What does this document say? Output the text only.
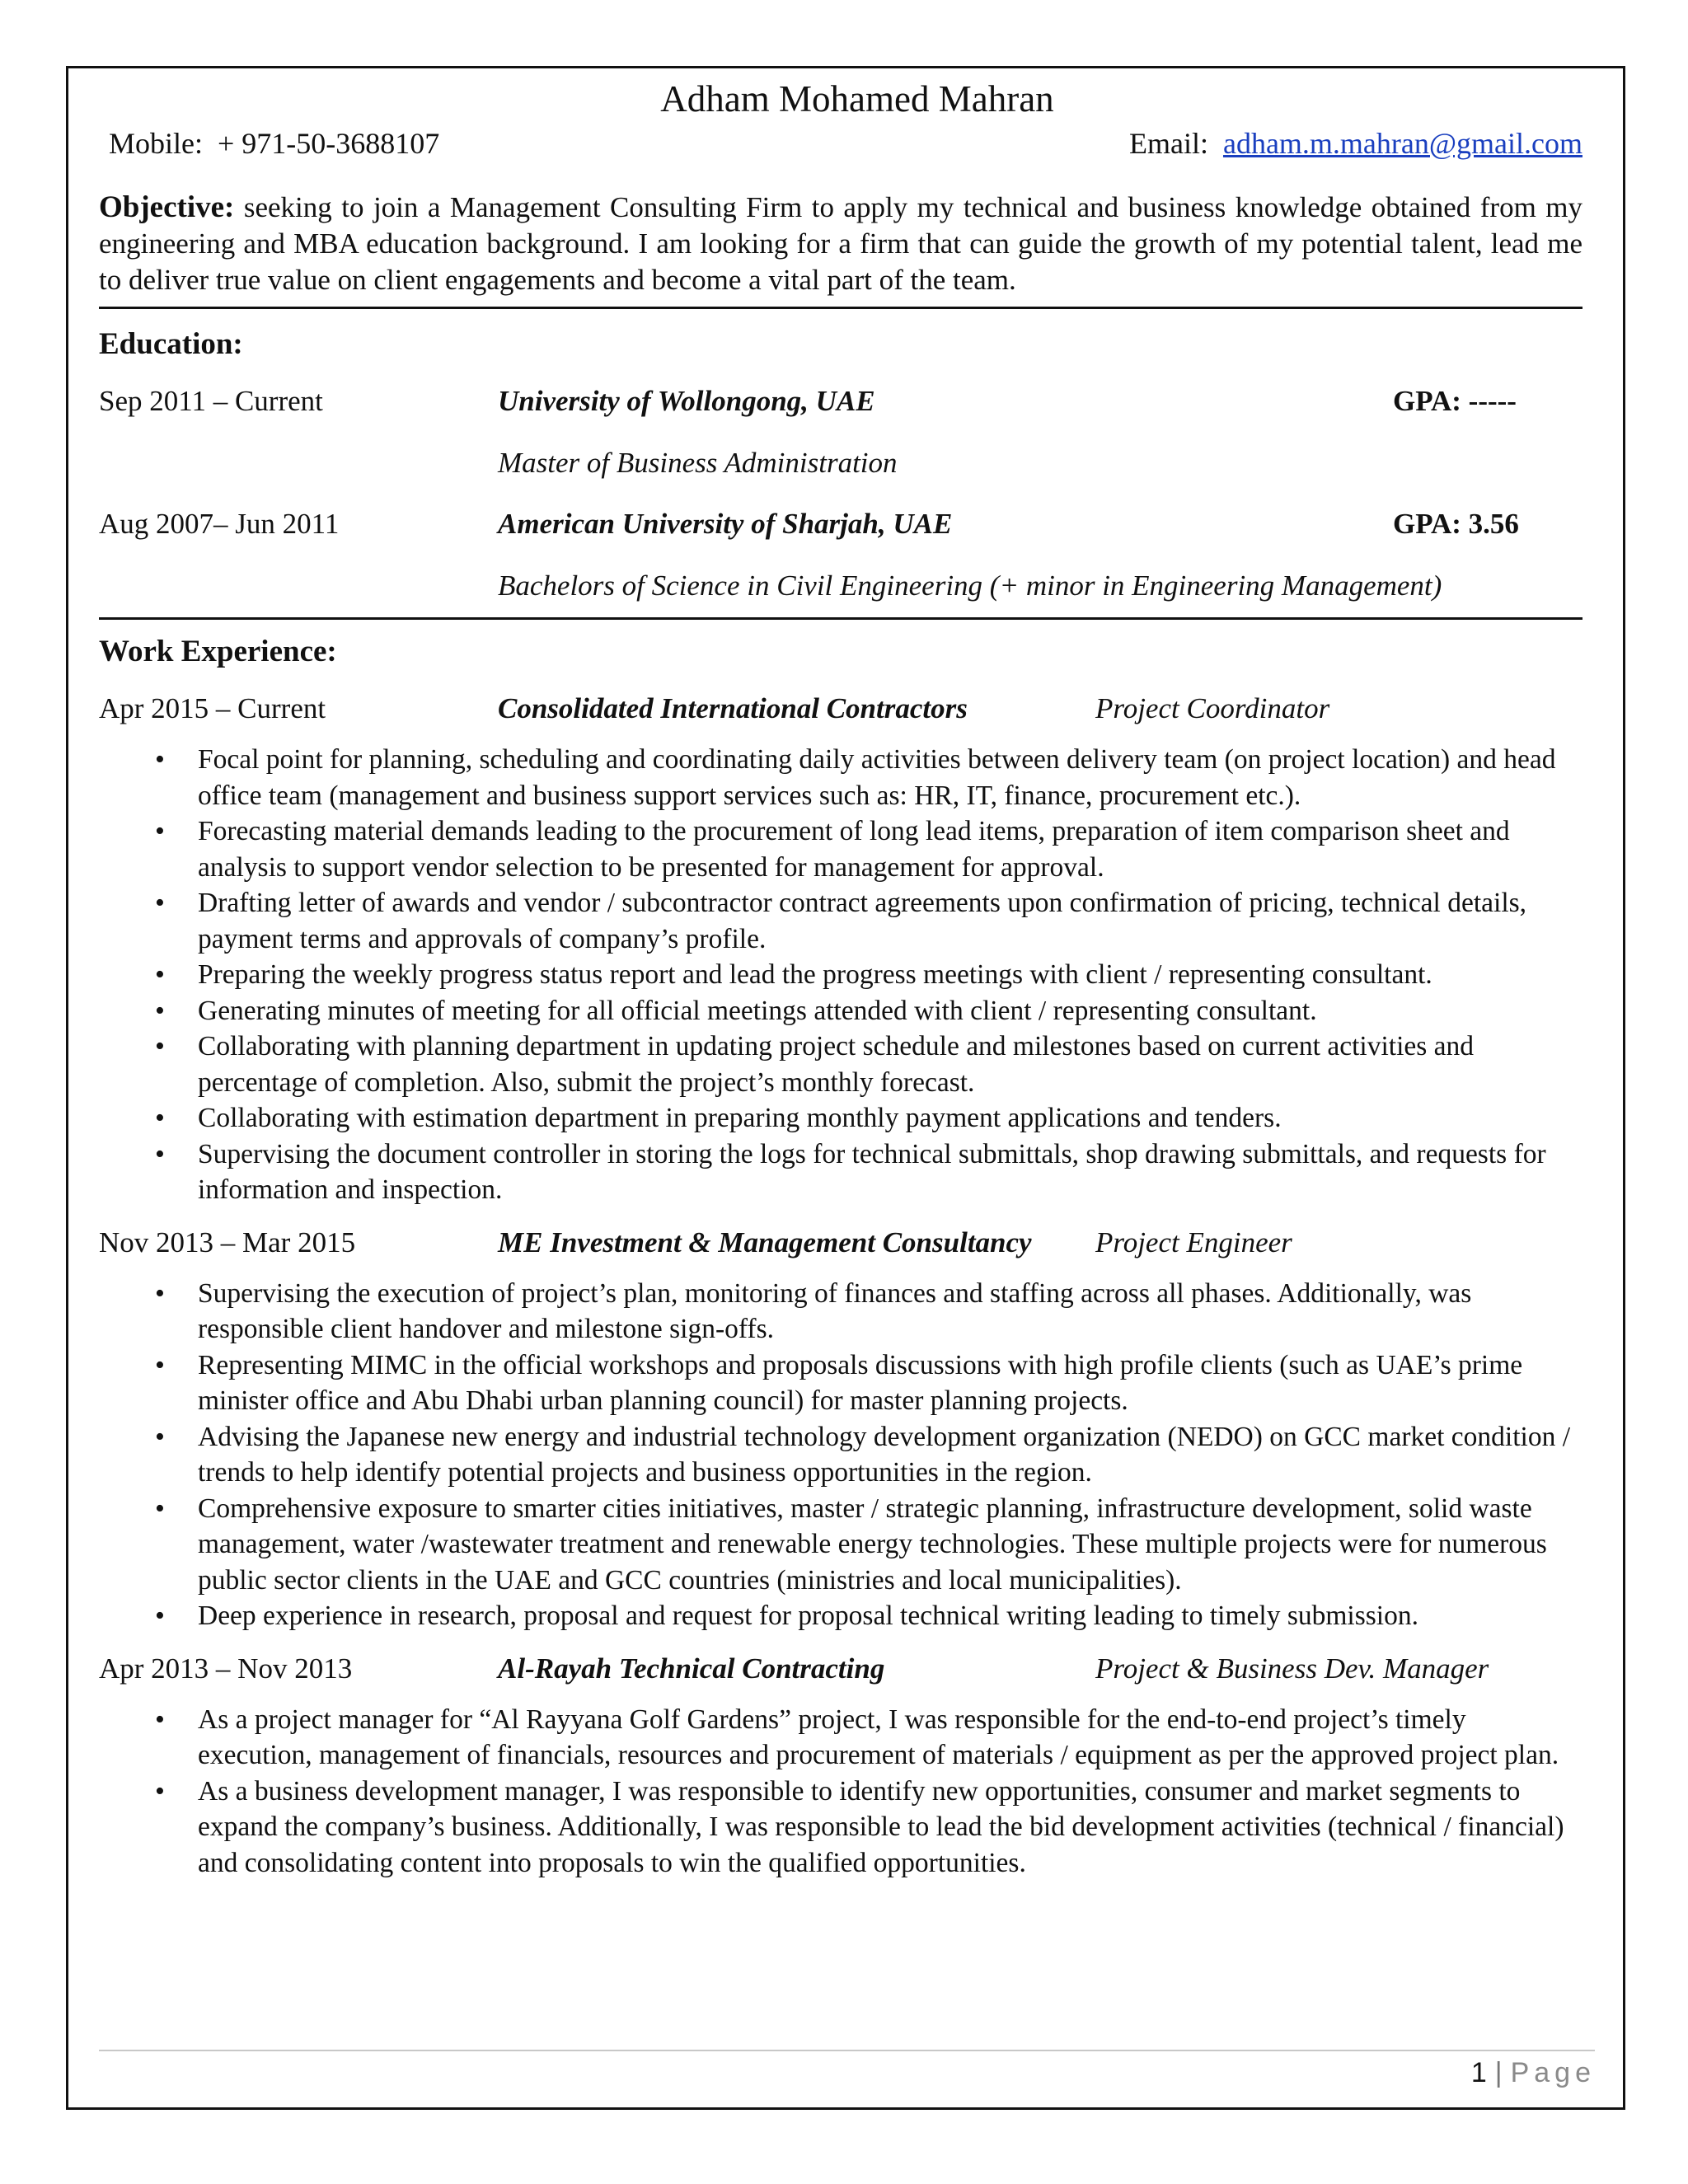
Adham Mohamed Mahran
Mobile: + 971-50-3688107	Email: adham.m.mahran@gmail.com
Objective: seeking to join a Management Consulting Firm to apply my technical and business knowledge obtained from my engineering and MBA education background. I am looking for a firm that can guide the growth of my potential talent, lead me to deliver true value on client engagements and become a vital part of the team.
Education:
Sep 2011 – Current	University of Wollongong, UAE	GPA: -----
Master of Business Administration
Aug 2007– Jun 2011	American University of Sharjah, UAE	GPA: 3.56
Bachelors of Science in Civil Engineering (+ minor in Engineering Management)
Work Experience:
Apr 2015 – Current	Consolidated International Contractors	Project Coordinator
• Focal point for planning, scheduling and coordinating daily activities between delivery team (on project location) and head office team (management and business support services such as: HR, IT, finance, procurement etc.).
• Forecasting material demands leading to the procurement of long lead items, preparation of item comparison sheet and analysis to support vendor selection to be presented for management for approval.
• Drafting letter of awards and vendor / subcontractor contract agreements upon confirmation of pricing, technical details, payment terms and approvals of company’s profile.
• Preparing the weekly progress status report and lead the progress meetings with client / representing consultant.
• Generating minutes of meeting for all official meetings attended with client / representing consultant.
• Collaborating with planning department in updating project schedule and milestones based on current activities and percentage of completion. Also, submit the project’s monthly forecast.
• Collaborating with estimation department in preparing monthly payment applications and tenders.
• Supervising the document controller in storing the logs for technical submittals, shop drawing submittals, and requests for information and inspection.
Nov 2013 – Mar 2015	ME Investment & Management Consultancy	Project Engineer
• Supervising the execution of project’s plan, monitoring of finances and staffing across all phases. Additionally, was responsible client handover and milestone sign-offs.
• Representing MIMC in the official workshops and proposals discussions with high profile clients (such as UAE’s prime minister office and Abu Dhabi urban planning council) for master planning projects.
• Advising the Japanese new energy and industrial technology development organization (NEDO) on GCC market condition / trends to help identify potential projects and business opportunities in the region.
• Comprehensive exposure to smarter cities initiatives, master / strategic planning, infrastructure development, solid waste management, water /wastewater treatment and renewable energy technologies. These multiple projects were for numerous public sector clients in the UAE and GCC countries (ministries and local municipalities).
• Deep experience in research, proposal and request for proposal technical writing leading to timely submission.
Apr 2013 – Nov 2013	Al-Rayah Technical Contracting	Project & Business Dev. Manager
• As a project manager for “Al Rayyana Golf Gardens” project, I was responsible for the end-to-end project’s timely execution, management of financials, resources and procurement of materials / equipment as per the approved project plan.
• As a business development manager, I was responsible to identify new opportunities, consumer and market segments to expand the company’s business. Additionally, I was responsible to lead the bid development activities (technical / financial) and consolidating content into proposals to win the qualified opportunities.
1 | Page
